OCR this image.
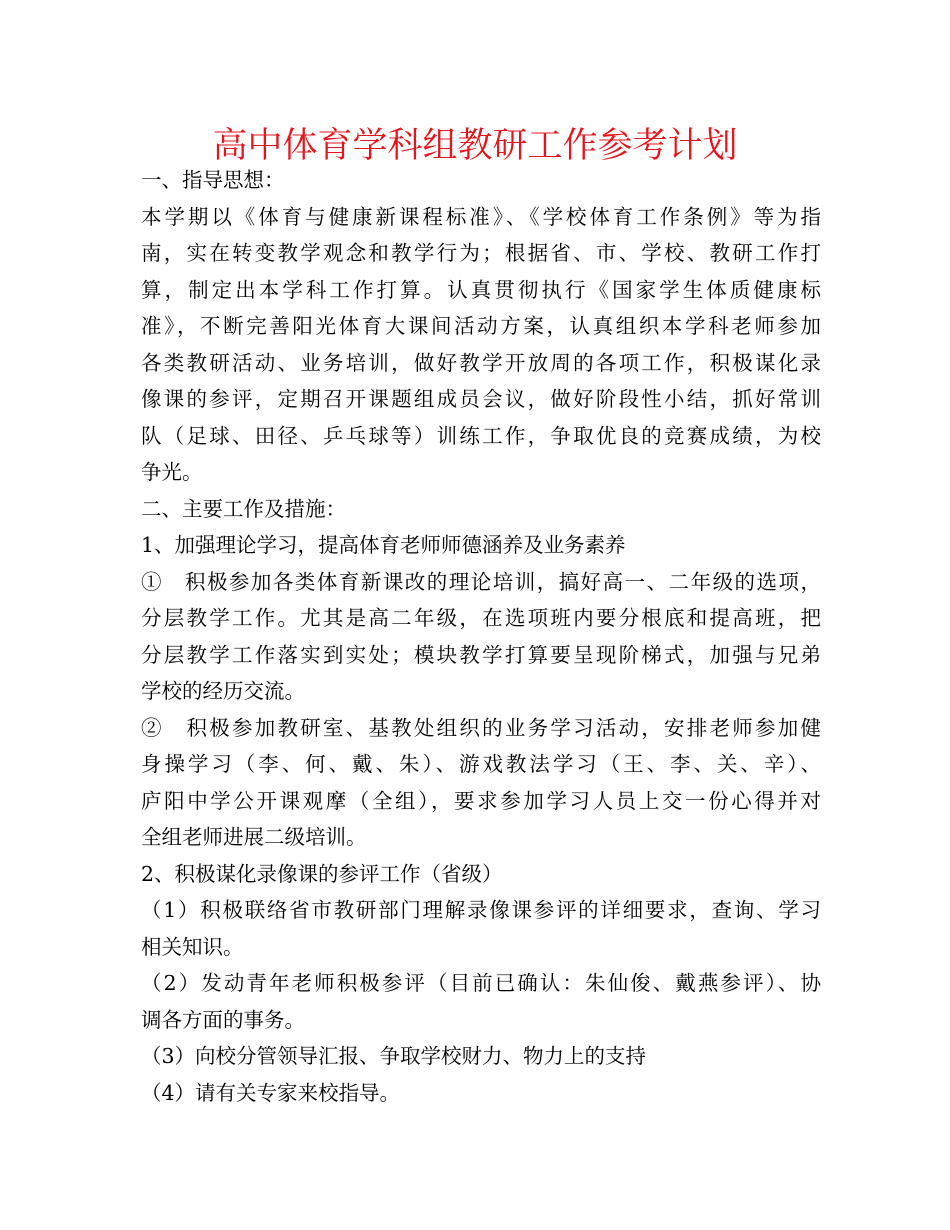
高中体育学科组教研工作参考计划
一、指导思想：
本学期以《体育与健康新课程标准》、《学校体育工作条例》等为指
南，实在转变教学观念和教学行为；根据省、市、学校、教研工作打
算，制定出本学科工作打算。认真贯彻执行《国家学生体质健康标
准》，不断完善阳光体育大课间活动方案，认真组织本学科老师参加
各类教研活动、业务培训，做好教学开放周的各项工作，积极谋化录
像课的参评，定期召开课题组成员会议，做好阶段性小结，抓好常训
队（足球、田径、乒乓球等）训练工作，争取优良的竞赛成绩，为校
争光。
二、主要工作及措施：
1、加强理论学习，提高体育老师师德涵养及业务素养
①　积极参加各类体育新课改的理论培训，搞好高一、二年级的选项，
分层教学工作。尤其是高二年级，在选项班内要分根底和提高班，把
分层教学工作落实到实处；模块教学打算要呈现阶梯式，加强与兄弟
学校的经历交流。
②　积极参加教研室、基教处组织的业务学习活动，安排老师参加健
身操学习（李、何、戴、朱）、游戏教法学习（王、李、关、辛）、
庐阳中学公开课观摩（全组），要求参加学习人员上交一份心得并对
全组老师进展二级培训。
2、积极谋化录像课的参评工作（省级）
（1）积极联络省市教研部门理解录像课参评的详细要求，查询、学习
相关知识。
（2）发动青年老师积极参评（目前已确认：朱仙俊、戴燕参评）、协
调各方面的事务。
（3）向校分管领导汇报、争取学校财力、物力上的支持
（4）请有关专家来校指导。
